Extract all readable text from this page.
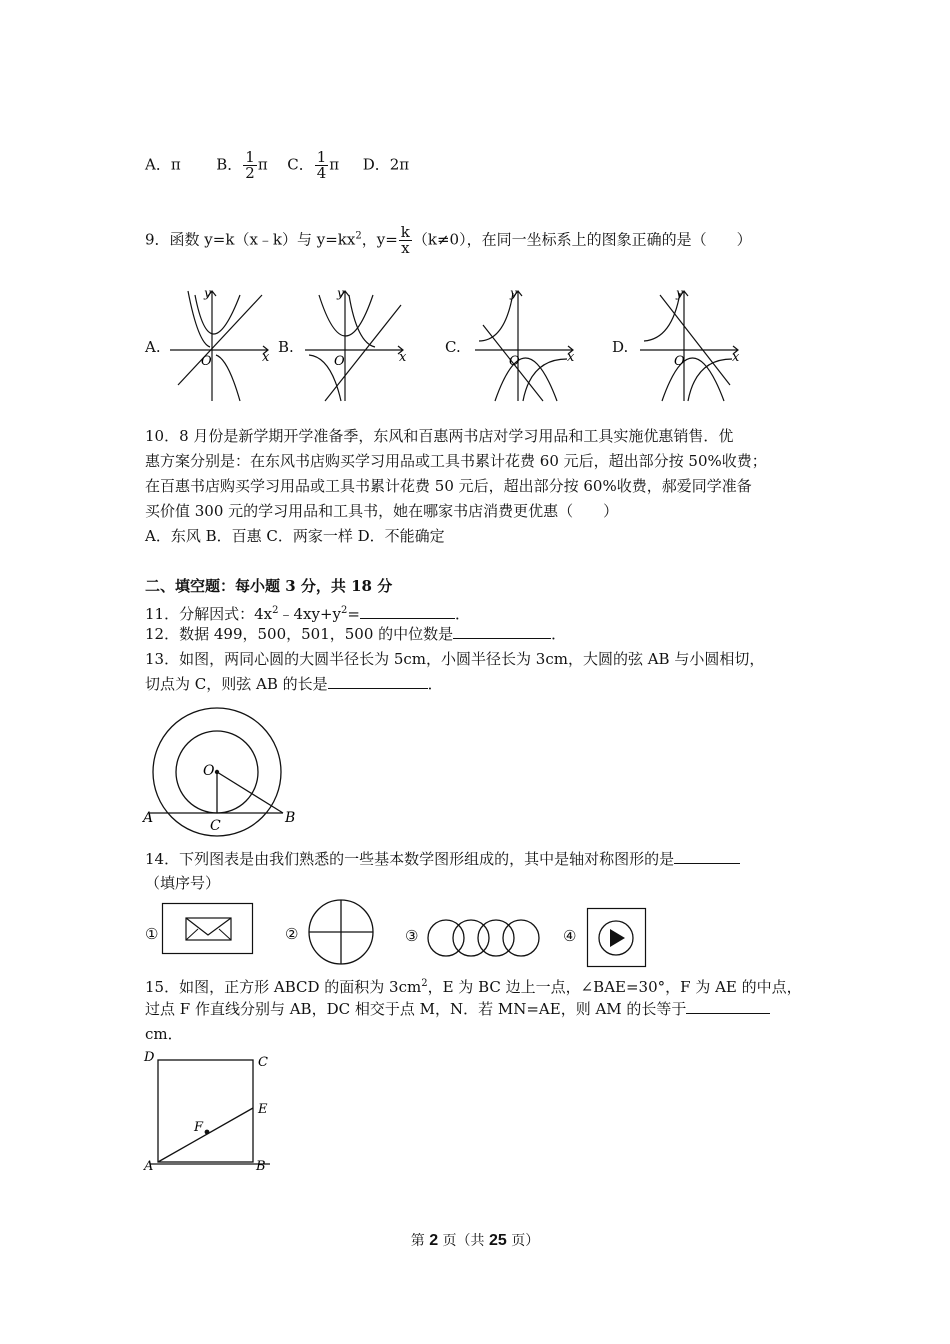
A．π B． $\frac{1}{2}$ π C． $\frac{1}{4}$ π D．2π
9．函数 y=k（x﹣k）与 $y=kx^2$，$y= \frac{k}{x} (k\ne 0)$，在同一坐标系上的图象正确的是（　　）
A.	B.	C.	D.
O	x
y
O	x
y
O	x
y
O	x
y
10．8 月份是新学期开学准备季，东风和百惠两书店对学习用品和工具实施优惠销售．优
惠方案分别是：在东风书店购买学习用品或工具书累计花费 60 元后，超出部分按 50%收费；
在百惠书店购买学习用品或工具书累计花费 50 元后，超出部分按 60%收费，郝爱同学准备
买价值 300 元的学习用品和工具书，她在哪家书店消费更优惠（　　）
A．东风 B．百惠 C．两家一样 D．不能确定
二、填空题：每小题 3 分，共 18 分
11．分解因式：$4x^2﹣4xy+y^2=$	．
12．数据 499，500，501，500 的中位数是	．
13．如图，两同心圆的大圆半径长为 5cm，小圆半径长为 3cm，大圆的弦 AB 与小圆相切，
切点为 C，则弦 AB 的长是	．
O
A	B
C
14．下列图表是由我们熟悉的一些基本数学图形组成的，其中是轴对称图形的是
（填序号）
①	②	③	④
15．如图，正方形 ABCD 的面积为 $3cm^2$，E 为 BC 边上一点，∠BAE=30°，F 为 AE 的中点，
过点 F 作直线分别与 AB，DC 相交于点 M，N．若 MN=AE，则 AM 的长等于
cm．
D	C
E
F
A	B
第 2 页（共 25 页）
